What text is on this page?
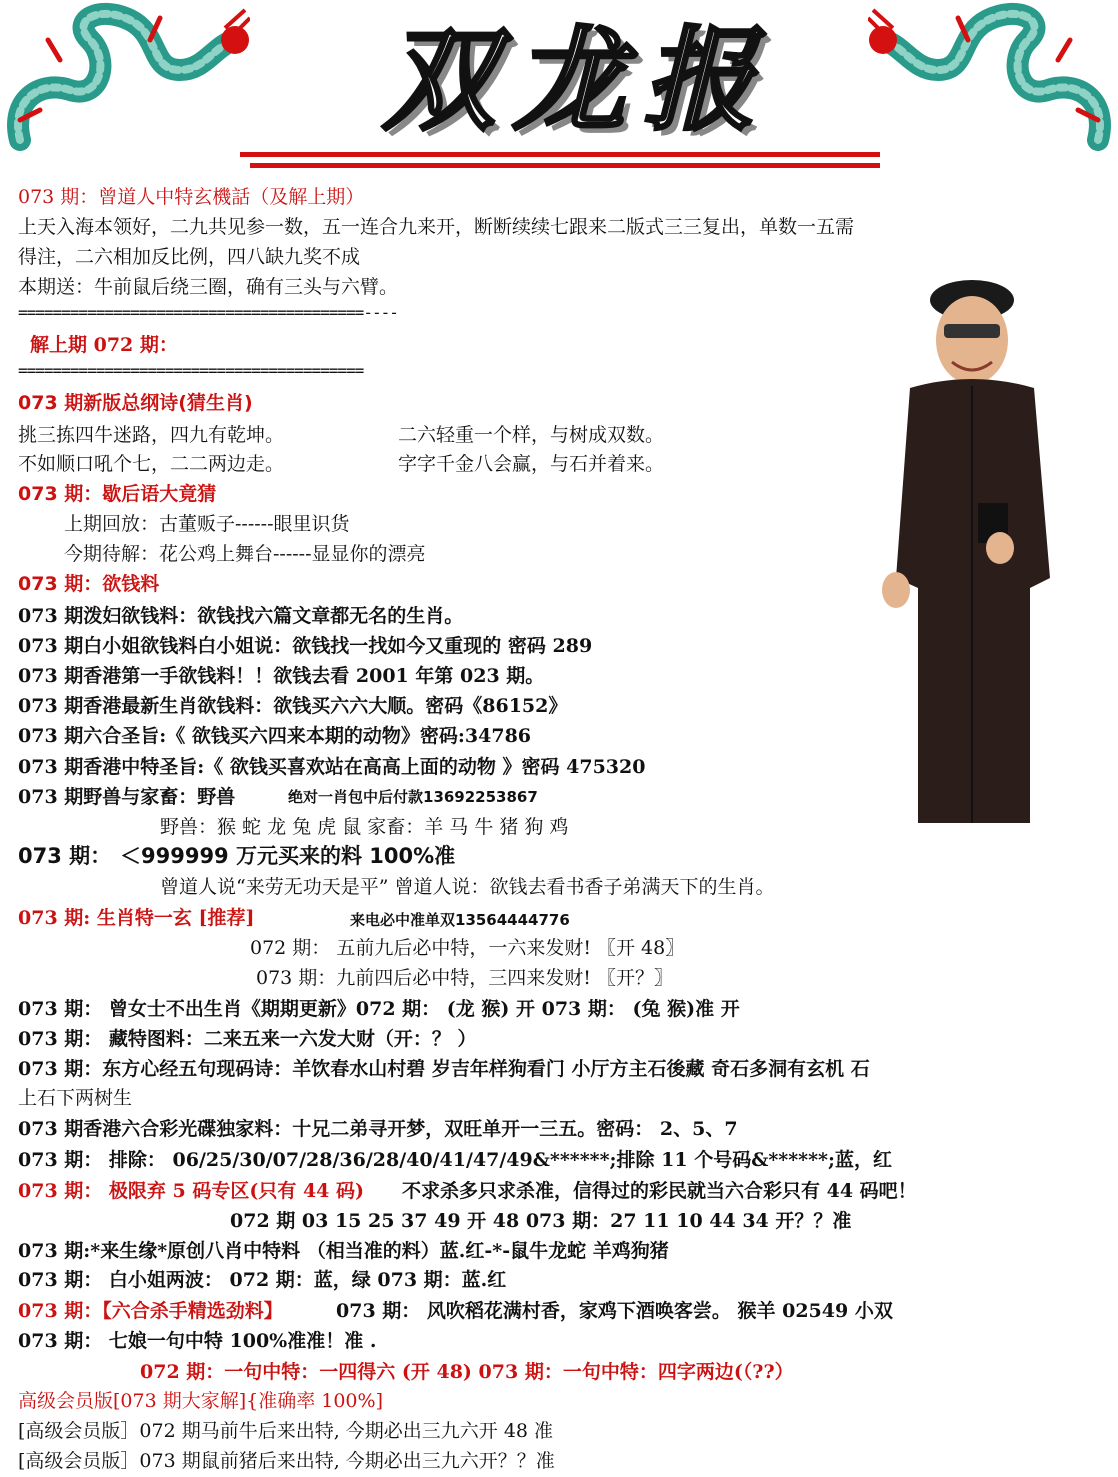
双龙报
073 期：曾道人中特玄機話（及解上期）
上天入海本领好，二九共见参一数，五一连合九来开，断断续续七跟来二版式三三复出，单数一五需
得注，二六相加反比例，四八缺九奖不成
本期送：牛前鼠后绕三圈，确有三头与六臂。
========================================----
解上期 072 期：
========================================
073 期新版总纲诗(猜生肖)
挑三拣四牛迷路，四九有乾坤。	二六轻重一个样，与树成双数。
不如顺口吼个七，二二两边走。	字字千金八会赢，与石并着来。
073 期：歇后语大竟猜
上期回放：古董贩子------眼里识货
今期待解：花公鸡上舞台------显显你的漂亮
073 期：欲钱料
073 期泼妇欲钱料：欲钱找六篇文章都无名的生肖。
073 期白小姐欲钱料白小姐说：欲钱找一找如今又重现的 密码 289
073 期香港第一手欲钱料！！欲钱去看 2001 年第 023 期。
073 期香港最新生肖欲钱料：欲钱买六六大顺。密码《86152》
073 期六合圣旨:《 欲钱买六四来本期的动物》密码:34786
073 期香港中特圣旨:《 欲钱买喜欢站在高高上面的动物 》密码 475320
073 期野兽与家畜：野兽	绝对一肖包中后付款13692253867
野兽：猴 蛇 龙 兔 虎 鼠 家畜：羊 马 牛 猪 狗 鸡
073 期： ＜999999 万元买来的料 100%准
曾道人说“来劳无功天是平” 曾道人说：欲钱去看书香子弟满天下的生肖。
073 期: 生肖特一玄 [推荐]	来电必中准单双13564444776
072 期： 五前九后必中特，一六来发财! 〖开 48〗
073 期：九前四后必中特，三四来发财! 〖开？〗
073 期： 曾女士不出生肖《期期更新》072 期： (龙 猴) 开 073 期： (兔 猴)准 开
073 期： 藏特图料：二来五来一六发大财（开：？ ）
073 期：东方心经五句现码诗：羊饮春水山村碧 岁吉年样狗看门 小厅方主石後藏 奇石多洞有玄机 石
上石下两树生
073 期香港六合彩光碟独家料：十兄二弟寻开梦，双旺单开一三五。密码： 2、5、7
073 期： 排除： 06/25/30/07/28/36/28/40/41/47/49&******;排除 11 个号码&******;蓝，红
073 期： 极限弃 5 码专区(只有 44 码) 不求杀多只求杀准，信得过的彩民就当六合彩只有 44 码吧！
072 期 03 15 25 37 49 开 48 073 期：27 11 10 44 34 开？？准
073 期:*来生缘*原创八肖中特料 （相当准的料）蓝.红-*-鼠牛龙蛇 羊鸡狗猪
073 期： 白小姐两波： 072 期：蓝，绿 073 期：蓝.红
073 期：【六合杀手精选劲料】	073 期： 风吹稻花满村香，家鸡下酒唤客尝。 猴羊 02549 小双
073 期： 七娘一句中特 100%准准！准 .
072 期：一句中特：一四得六 (开 48) 073 期：一句中特：四字两边(（??）
高级会员版[073 期大家解]{准确率 100%]
[高级会员版］072 期马前牛后来出特, 今期必出三九六开 48 准
[高级会员版］073 期鼠前猪后来出特, 今期必出三九六开？？准
